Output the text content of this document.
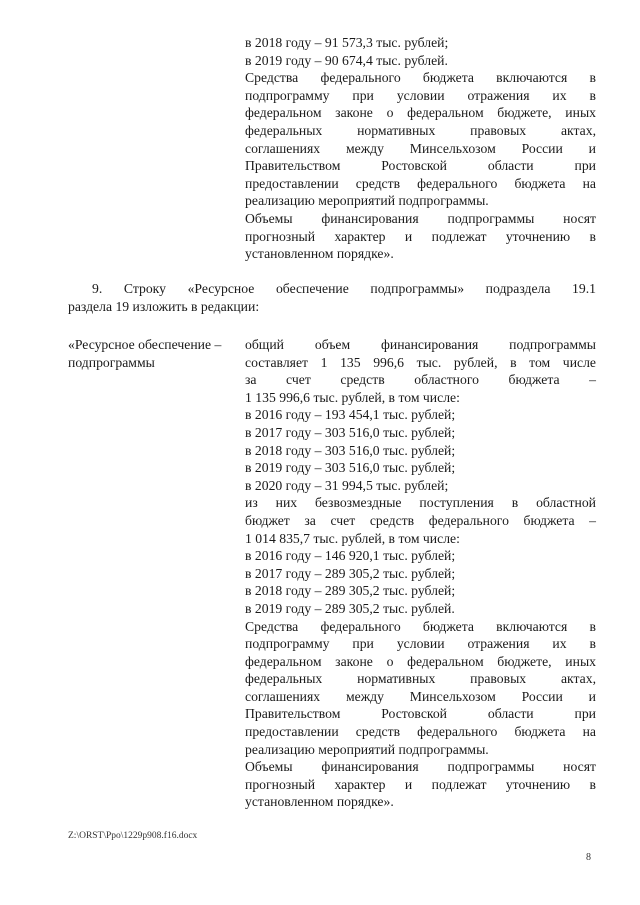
в 2018 году – 91 573,3 тыс. рублей;
в 2019 году – 90 674,4 тыс. рублей.
Средства федерального бюджета включаются в
подпрограмму при условии отражения их в
федеральном законе о федеральном бюджете, иных
федеральных нормативных правовых актах,
соглашениях между Минсельхозом России и
Правительством Ростовской области при
предоставлении средств федерального бюджета на
реализацию мероприятий подпрограммы.
Объемы финансирования подпрограммы носят
прогнозный характер и подлежат уточнению в
установленном порядке».
9. Строку «Ресурсное обеспечение подпрограммы» подраздела 19.1
раздела 19 изложить в редакции:
«Ресурсное обеспечение –
подпрограммы
общий объем финансирования подпрограммы
составляет 1 135 996,6 тыс. рублей, в том числе
за счет средств областного бюджета –
1 135 996,6 тыс. рублей, в том числе:
в 2016 году – 193 454,1 тыс. рублей;
в 2017 году – 303 516,0 тыс. рублей;
в 2018 году – 303 516,0 тыс. рублей;
в 2019 году – 303 516,0 тыс. рублей;
в 2020 году – 31 994,5 тыс. рублей;
из них безвозмездные поступления в областной
бюджет за счет средств федерального бюджета –
1 014 835,7 тыс. рублей, в том числе:
в 2016 году – 146 920,1 тыс. рублей;
в 2017 году – 289 305,2 тыс. рублей;
в 2018 году – 289 305,2 тыс. рублей;
в 2019 году – 289 305,2 тыс. рублей.
Средства федерального бюджета включаются в
подпрограмму при условии отражения их в
федеральном законе о федеральном бюджете, иных
федеральных нормативных правовых актах,
соглашениях между Минсельхозом России и
Правительством Ростовской области при
предоставлении средств федерального бюджета на
реализацию мероприятий подпрограммы.
Объемы финансирования подпрограммы носят
прогнозный характер и подлежат уточнению в
установленном порядке».
Z:\ORST\Ppo\1229p908.f16.docx
8
